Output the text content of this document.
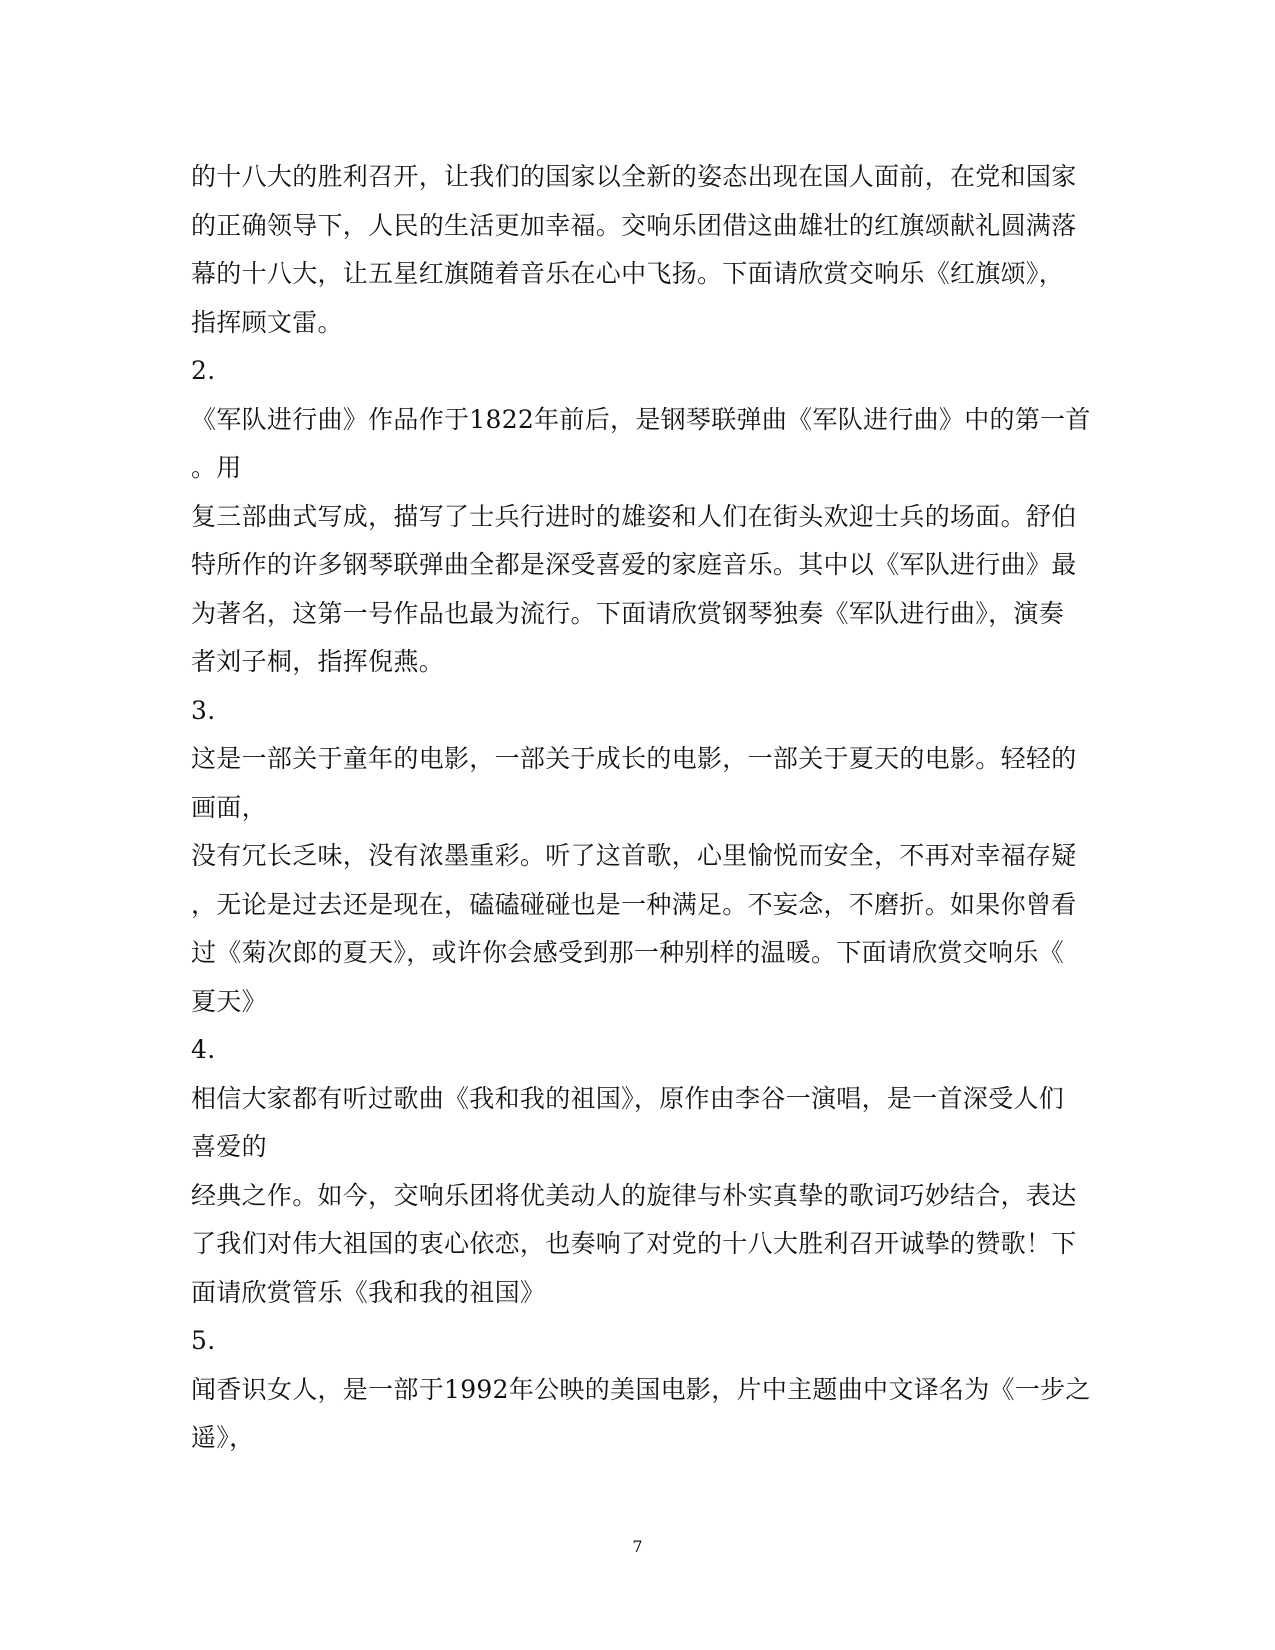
的十八大的胜利召开，让我们的国家以全新的姿态出现在国人面前，在党和国家
的正确领导下，人民的生活更加幸福。交响乐团借这曲雄壮的红旗颂献礼圆满落
幕的十八大，让五星红旗随着音乐在心中飞扬。下面请欣赏交响乐《红旗颂》，
指挥顾文雷。
2.
《军队进行曲》作品作于1822年前后，是钢琴联弹曲《军队进行曲》中的第一首
。用
复三部曲式写成，描写了士兵行进时的雄姿和人们在街头欢迎士兵的场面。舒伯
特所作的许多钢琴联弹曲全都是深受喜爱的家庭音乐。其中以《军队进行曲》最
为著名，这第一号作品也最为流行。下面请欣赏钢琴独奏《军队进行曲》，演奏
者刘子桐，指挥倪燕。
3.
这是一部关于童年的电影，一部关于成长的电影，一部关于夏天的电影。轻轻的
画面，
没有冗长乏味，没有浓墨重彩。听了这首歌，心里愉悦而安全，不再对幸福存疑
，无论是过去还是现在，磕磕碰碰也是一种满足。不妄念，不磨折。如果你曾看
过《菊次郎的夏天》，或许你会感受到那一种别样的温暖。下面请欣赏交响乐《
夏天》
4.
相信大家都有听过歌曲《我和我的祖国》，原作由李谷一演唱，是一首深受人们
喜爱的
经典之作。如今，交响乐团将优美动人的旋律与朴实真挚的歌词巧妙结合，表达
了我们对伟大祖国的衷心依恋，也奏响了对党的十八大胜利召开诚挚的赞歌！下
面请欣赏管乐《我和我的祖国》
5.
闻香识女人，是一部于1992年公映的美国电影，片中主题曲中文译名为《一步之
遥》，
7
